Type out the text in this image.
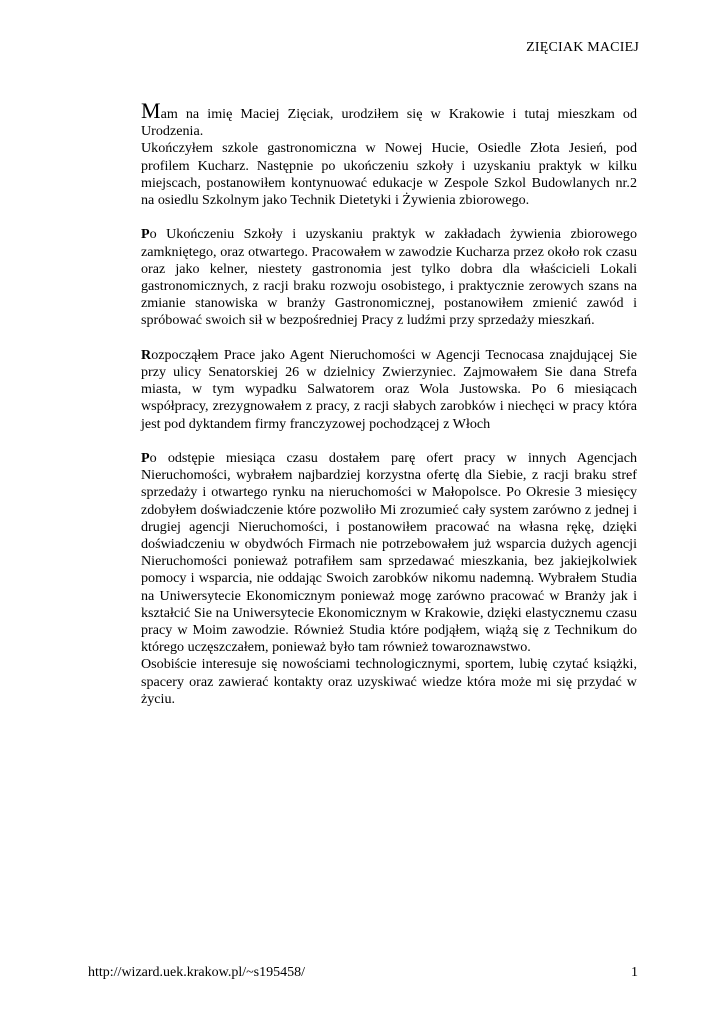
ZIĘCIAK MACIEJ

Mam na imię Maciej Zięciak, urodziłem się w Krakowie i tutaj mieszkam od Urodzenia.

Ukończyłem szkole gastronomiczna w Nowej Hucie, Osiedle Złota Jesień, pod profilem Kucharz. Następnie po ukończeniu szkoły i uzyskaniu praktyk w kilku miejscach, postanowiłem kontynuować edukacje w Zespole Szkol Budowlanych nr.2 na osiedlu Szkolnym jako Technik Dietetyki i Żywienia zbiorowego.

Po Ukończeniu Szkoły i uzyskaniu praktyk w zakładach żywienia zbiorowego zamkniętego, oraz otwartego. Pracowałem w zawodzie Kucharza przez około rok czasu oraz jako kelner, niestety gastronomia jest tylko dobra dla właścicieli Lokali gastronomicznych, z racji braku rozwoju osobistego, i praktycznie zerowych szans na zmianie stanowiska w branży Gastronomicznej, postanowiłem zmienić zawód i spróbować swoich sił w bezpośredniej Pracy z ludźmi przy sprzedaży mieszkań.

Rozpocząłem Prace jako Agent Nieruchomości w Agencji Tecnocasa znajdującej Sie przy ulicy Senatorskiej 26 w dzielnicy Zwierzyniec. Zajmowałem Sie dana Strefa miasta, w tym wypadku Salwatorem oraz Wola Justowska. Po 6 miesiącach współpracy, zrezygnowałem z pracy, z racji słabych zarobków i niechęci w pracy która jest pod dyktandem firmy franczyzowej pochodzącej z Włoch

Po odstępie miesiąca czasu dostałem parę ofert pracy w innych Agencjach Nieruchomości, wybrałem najbardziej korzystna ofertę dla Siebie, z racji braku stref sprzedaży i otwartego rynku na nieruchomości w Małopolsce. Po Okresie 3 miesięcy zdobyłem doświadczenie które pozwoliło Mi zrozumieć cały system zarówno z jednej i drugiej agencji Nieruchomości, i postanowiłem pracować na własna rękę, dzięki doświadczeniu w obydwóch Firmach nie potrzebowałem już wsparcia dużych agencji Nieruchomości ponieważ potrafiłem sam sprzedawać mieszkania, bez jakiejkolwiek pomocy i wsparcia, nie oddając Swoich zarobków nikomu nademną. Wybrałem Studia na Uniwersytecie Ekonomicznym ponieważ mogę zarówno pracować w Branży jak i kształcić Sie na Uniwersytecie Ekonomicznym w Krakowie, dzięki elastycznemu czasu pracy w Moim zawodzie. Również Studia które podjąłem, wiążą się z Technikum do którego uczęszczałem, ponieważ było tam również towaroznawstwo.

Osobiście interesuje się nowościami technologicznymi, sportem, lubię czytać książki, spacery oraz zawierać kontakty oraz uzyskiwać wiedze która może mi się przydać w życiu.

http://wizard.uek.krakow.pl/~s195458/	1
